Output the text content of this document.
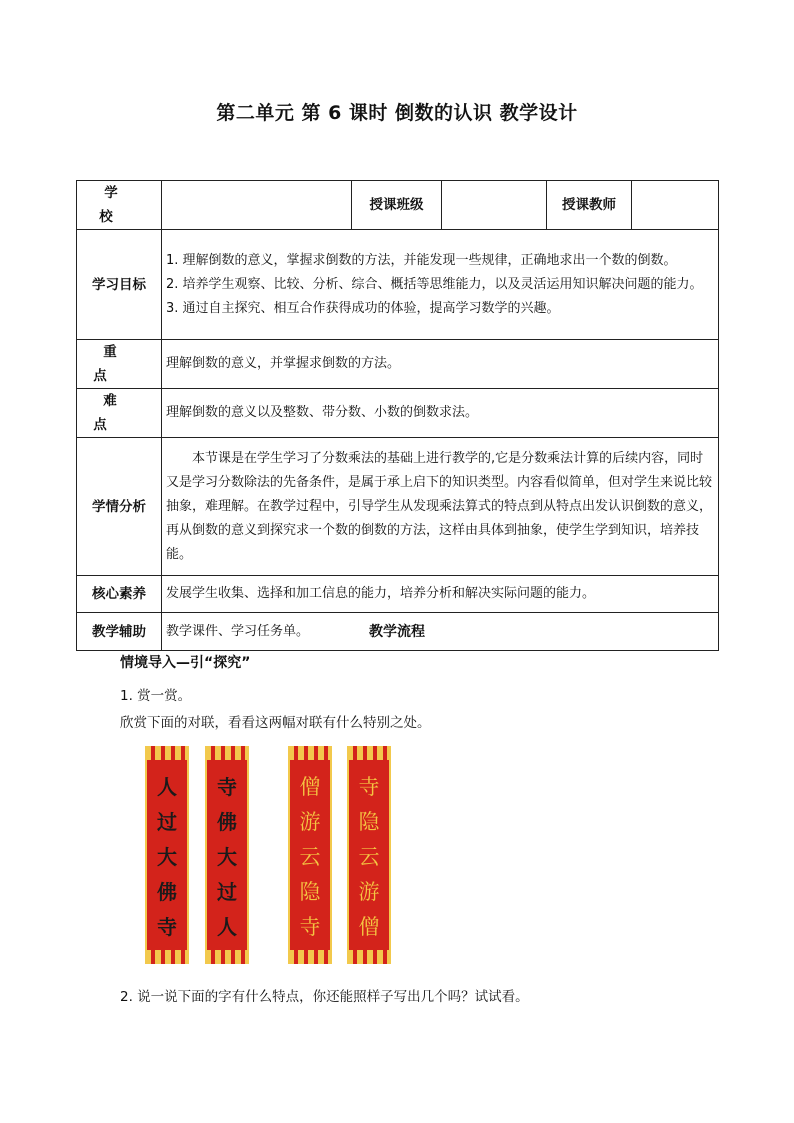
第二单元 第 6 课时 倒数的认识 教学设计
学 校		授课班级		授课教师	
学习目标	1. 理解倒数的意义，掌握求倒数的方法，并能发现一些规律，正确地求出一个数的倒数。

2. 培养学生观察、比较、分析、综合、概括等思维能力，以及灵活运用知识解决问题的能力。

3. 通过自主探究、相互合作获得成功的体验，提高学习数学的兴趣。				

重 点	理解倒数的意义，并掌握求倒数的方法。				
难 点	理解倒数的意义以及整数、带分数、小数的倒数求法。				
学情分析	本节课是在学生学习了分数乘法的基础上进行教学的,它是分数乘法计算的后续内容，同时又是学习分数除法的先备条件，是属于承上启下的知识类型。内容看似简单，但对学生来说比较抽象，难理解。在教学过程中，引导学生从发现乘法算式的特点到从特点出发认识倒数的意义，再从倒数的意义到探究求一个数的倒数的方法，这样由具体到抽象，使学生学到知识，培养技能。				
核心素养	发展学生收集、选择和加工信息的能力，培养分析和解决实际问题的能力。				
教学辅助	教学课件、学习任务单。					教学流程
情境导入—引“探究”
1. 赏一赏。
欣赏下面的对联，看看这两幅对联有什么特别之处。
人
过
大
佛
寺
寺
佛
大
过
人
僧
游
云
隐
寺
寺
隐
云
游
僧
2. 说一说下面的字有什么特点，你还能照样子写出几个吗？试试看。
